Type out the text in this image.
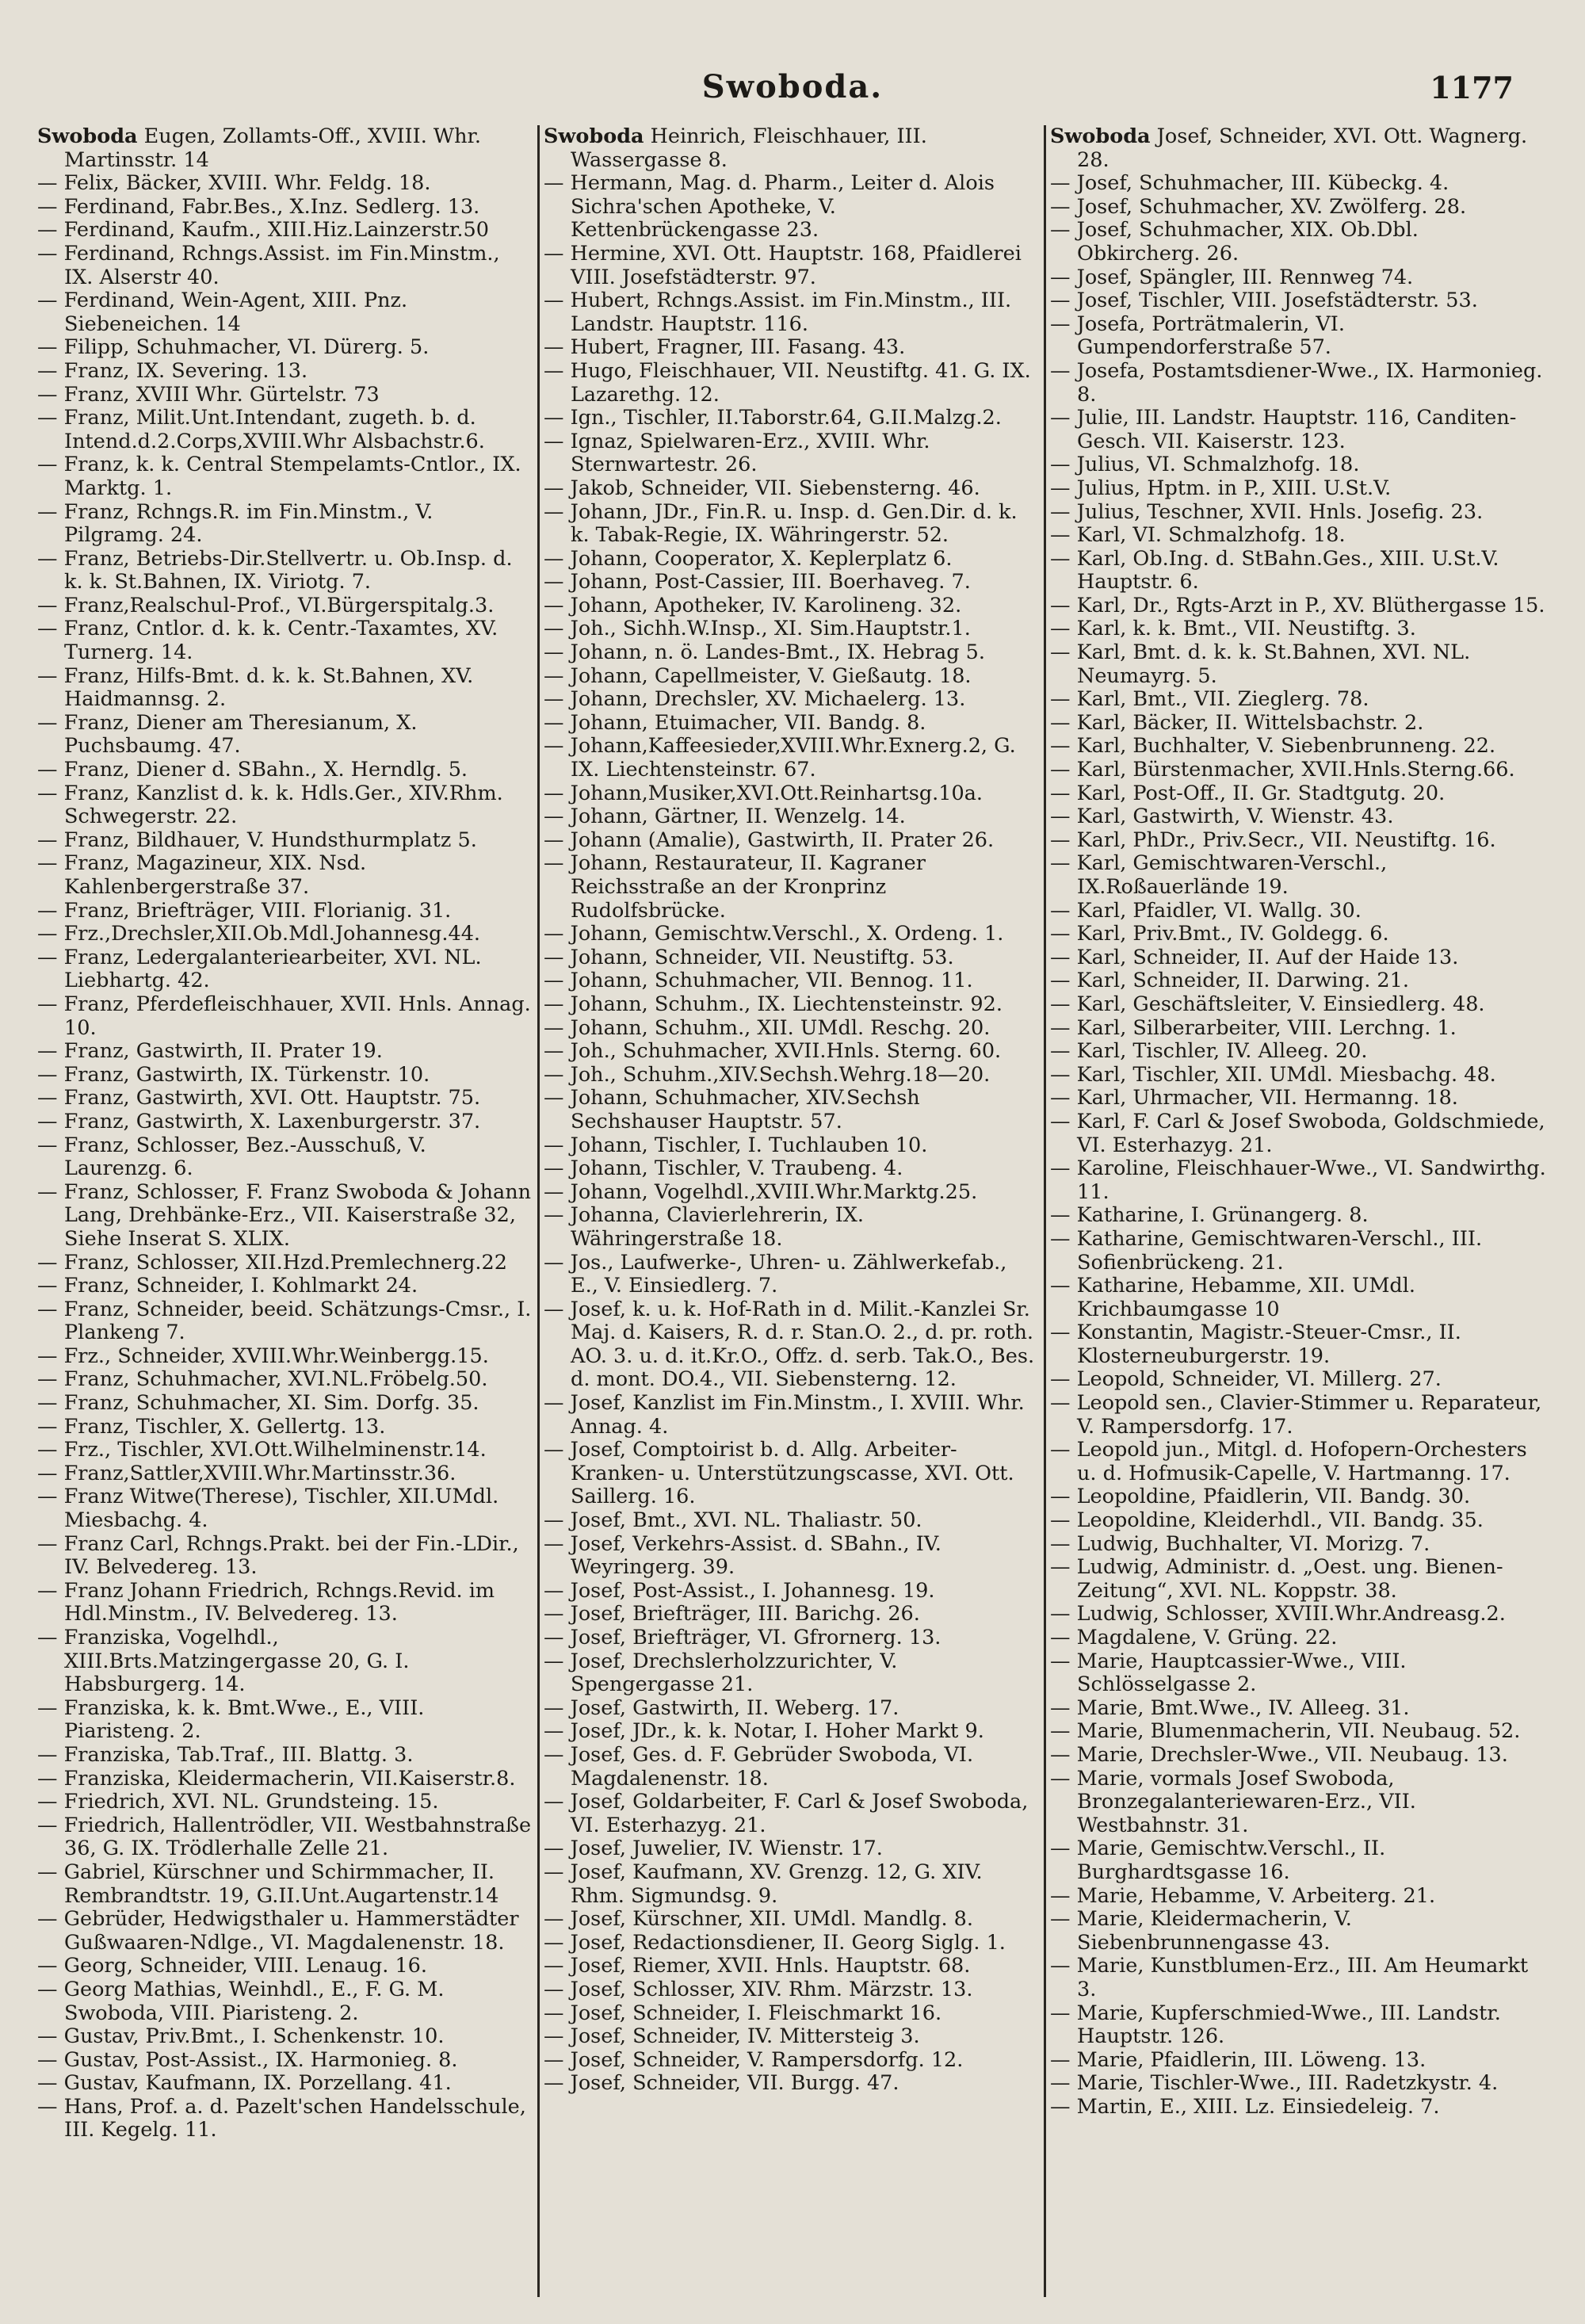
Swoboda.	1177

Swoboda Eugen, Zollamts-Off., XVIII. Whr. Martinsstr. 14

— Felix, Bäcker, XVIII. Whr. Feldg. 18.

— Ferdinand, Fabr.Bes., X.Inz. Sedlerg. 13.

— Ferdinand, Kaufm., XIII.Hiz.Lainzerstr.50

— Ferdinand, Rchngs.Assist. im Fin.Minstm., IX. Alserstr 40.

— Ferdinand, Wein-Agent, XIII. Pnz. Siebeneichen. 14

— Filipp, Schuhmacher, VI. Dürerg. 5.

— Franz, IX. Severing. 13.

— Franz, XVIII Whr. Gürtelstr. 73

— Franz, Milit.Unt.Intendant, zugeth. b. d. Intend.d.2.Corps,XVIII.Whr Alsbachstr.6.

— Franz, k. k. Central Stempelamts-Cntlor., IX. Marktg. 1.

— Franz, Rchngs.R. im Fin.Minstm., V. Pilgramg. 24.

— Franz, Betriebs-Dir.Stellvertr. u. Ob.Insp. d. k. k. St.Bahnen, IX. Viriotg. 7.

— Franz,Realschul-Prof., VI.Bürgerspitalg.3.

— Franz, Cntlor. d. k. k. Centr.-Taxamtes, XV. Turnerg. 14.

— Franz, Hilfs-Bmt. d. k. k. St.Bahnen, XV. Haidmannsg. 2.

— Franz, Diener am Theresianum, X. Puchsbaumg. 47.

— Franz, Diener d. SBahn., X. Herndlg. 5.

— Franz, Kanzlist d. k. k. Hdls.Ger., XIV.Rhm. Schwegerstr. 22.

— Franz, Bildhauer, V. Hundsthurmplatz 5.

— Franz, Magazineur, XIX. Nsd. Kahlenbergerstraße 37.

— Franz, Briefträger, VIII. Florianig. 31.

— Frz.,Drechsler,XII.Ob.Mdl.Johannesg.44.

— Franz, Ledergalanteriearbeiter, XVI. NL. Liebhartg. 42.

— Franz, Pferdefleischhauer, XVII. Hnls. Annag. 10.

— Franz, Gastwirth, II. Prater 19.

— Franz, Gastwirth, IX. Türkenstr. 10.

— Franz, Gastwirth, XVI. Ott. Hauptstr. 75.

— Franz, Gastwirth, X. Laxenburgerstr. 37.

— Franz, Schlosser, Bez.-Ausschuß, V. Laurenzg. 6.

— Franz, Schlosser, F. Franz Swoboda & Johann Lang, Drehbänke-Erz., VII. Kaiserstraße 32, Siehe Inserat S. XLIX.

— Franz, Schlosser, XII.Hzd.Premlechnerg.22

— Franz, Schneider, I. Kohlmarkt 24.

— Franz, Schneider, beeid. Schätzungs-Cmsr., I. Plankeng 7.

— Frz., Schneider, XVIII.Whr.Weinbergg.15.

— Franz, Schuhmacher, XVI.NL.Fröbelg.50.

— Franz, Schuhmacher, XI. Sim. Dorfg. 35.

— Franz, Tischler, X. Gellertg. 13.

— Frz., Tischler, XVI.Ott.Wilhelminenstr.14.

— Franz,Sattler,XVIII.Whr.Martinsstr.36.

— Franz Witwe(Therese), Tischler, XII.UMdl. Miesbachg. 4.

— Franz Carl, Rchngs.Prakt. bei der Fin.-LDir., IV. Belvedereg. 13.

— Franz Johann Friedrich, Rchngs.Revid. im Hdl.Minstm., IV. Belvedereg. 13.

— Franziska, Vogelhdl., XIII.Brts.Matzingergasse 20, G. I. Habsburgerg. 14.

— Franziska, k. k. Bmt.Wwe., E., VIII. Piaristeng. 2.

— Franziska, Tab.Traf., III. Blattg. 3.

— Franziska, Kleidermacherin, VII.Kaiserstr.8.

— Friedrich, XVI. NL. Grundsteing. 15.

— Friedrich, Hallentrödler, VII. Westbahnstraße 36, G. IX. Trödlerhalle Zelle 21.

— Gabriel, Kürschner und Schirmmacher, II. Rembrandtstr. 19, G.II.Unt.Augartenstr.14

— Gebrüder, Hedwigsthaler u. Hammerstädter Gußwaaren-Ndlge., VI. Magdalenenstr. 18.

— Georg, Schneider, VIII. Lenaug. 16.

— Georg Mathias, Weinhdl., E., F. G. M. Swoboda, VIII. Piaristeng. 2.

— Gustav, Priv.Bmt., I. Schenkenstr. 10.

— Gustav, Post-Assist., IX. Harmonieg. 8.

— Gustav, Kaufmann, IX. Porzellang. 41.

— Hans, Prof. a. d. Pazelt'schen Handelsschule, III. Kegelg. 11.

Swoboda Heinrich, Fleischhauer, III. Wassergasse 8.

— Hermann, Mag. d. Pharm., Leiter d. Alois Sichra'schen Apotheke, V. Kettenbrückengasse 23.

— Hermine, XVI. Ott. Hauptstr. 168, Pfaidlerei VIII. Josefstädterstr. 97.

— Hubert, Rchngs.Assist. im Fin.Minstm., III. Landstr. Hauptstr. 116.

— Hubert, Fragner, III. Fasang. 43.

— Hugo, Fleischhauer, VII. Neustiftg. 41. G. IX. Lazarethg. 12.

— Ign., Tischler, II.Taborstr.64, G.II.Malzg.2.

— Ignaz, Spielwaren-Erz., XVIII. Whr. Sternwartestr. 26.

— Jakob, Schneider, VII. Siebensterng. 46.

— Johann, JDr., Fin.R. u. Insp. d. Gen.Dir. d. k. k. Tabak-Regie, IX. Währingerstr. 52.

— Johann, Cooperator, X. Keplerplatz 6.

— Johann, Post-Cassier, III. Boerhaveg. 7.

— Johann, Apotheker, IV. Karolineng. 32.

— Joh., Sichh.W.Insp., XI. Sim.Hauptstr.1.

— Johann, n. ö. Landes-Bmt., IX. Hebrag 5.

— Johann, Capellmeister, V. Gießautg. 18.

— Johann, Drechsler, XV. Michaelerg. 13.

— Johann, Etuimacher, VII. Bandg. 8.

— Johann,Kaffeesieder,XVIII.Whr.Exnerg.2, G. IX. Liechtensteinstr. 67.

— Johann,Musiker,XVI.Ott.Reinhartsg.10a.

— Johann, Gärtner, II. Wenzelg. 14.

— Johann (Amalie), Gastwirth, II. Prater 26.

— Johann, Restaurateur, II. Kagraner Reichsstraße an der Kronprinz Rudolfsbrücke.

— Johann, Gemischtw.Verschl., X. Ordeng. 1.

— Johann, Schneider, VII. Neustiftg. 53.

— Johann, Schuhmacher, VII. Bennog. 11.

— Johann, Schuhm., IX. Liechtensteinstr. 92.

— Johann, Schuhm., XII. UMdl. Reschg. 20.

— Joh., Schuhmacher, XVII.Hnls. Sterng. 60.

— Joh., Schuhm.,XIV.Sechsh.Wehrg.18—20.

— Johann, Schuhmacher, XIV.Sechsh Sechshauser Hauptstr. 57.

— Johann, Tischler, I. Tuchlauben 10.

— Johann, Tischler, V. Traubeng. 4.

— Johann, Vogelhdl.,XVIII.Whr.Marktg.25.

— Johanna, Clavierlehrerin, IX. Währingerstraße 18.

— Jos., Laufwerke-, Uhren- u. Zählwerkefab., E., V. Einsiedlerg. 7.

— Josef, k. u. k. Hof-Rath in d. Milit.-Kanzlei Sr. Maj. d. Kaisers, R. d. r. Stan.O. 2., d. pr. roth. AO. 3. u. d. it.Kr.O., Offz. d. serb. Tak.O., Bes. d. mont. DO.4., VII. Siebensterng. 12.

— Josef, Kanzlist im Fin.Minstm., I. XVIII. Whr. Annag. 4.

— Josef, Comptoirist b. d. Allg. Arbeiter-Kranken- u. Unterstützungscasse, XVI. Ott. Saillerg. 16.

— Josef, Bmt., XVI. NL. Thaliastr. 50.

— Josef, Verkehrs-Assist. d. SBahn., IV. Weyringerg. 39.

— Josef, Post-Assist., I. Johannesg. 19.

— Josef, Briefträger, III. Barichg. 26.

— Josef, Briefträger, VI. Gfrornerg. 13.

— Josef, Drechslerholzzurichter, V. Spengergasse 21.

— Josef, Gastwirth, II. Weberg. 17.

— Josef, JDr., k. k. Notar, I. Hoher Markt 9.

— Josef, Ges. d. F. Gebrüder Swoboda, VI. Magdalenenstr. 18.

— Josef, Goldarbeiter, F. Carl & Josef Swoboda, VI. Esterhazyg. 21.

— Josef, Juwelier, IV. Wienstr. 17.

— Josef, Kaufmann, XV. Grenzg. 12, G. XIV. Rhm. Sigmundsg. 9.

— Josef, Kürschner, XII. UMdl. Mandlg. 8.

— Josef, Redactionsdiener, II. Georg Siglg. 1.

— Josef, Riemer, XVII. Hnls. Hauptstr. 68.

— Josef, Schlosser, XIV. Rhm. Märzstr. 13.

— Josef, Schneider, I. Fleischmarkt 16.

— Josef, Schneider, IV. Mittersteig 3.

— Josef, Schneider, V. Rampersdorfg. 12.

— Josef, Schneider, VII. Burgg. 47.

Swoboda Josef, Schneider, XVI. Ott. Wagnerg. 28.

— Josef, Schuhmacher, III. Kübeckg. 4.

— Josef, Schuhmacher, XV. Zwölferg. 28.

— Josef, Schuhmacher, XIX. Ob.Dbl. Obkircherg. 26.

— Josef, Spängler, III. Rennweg 74.

— Josef, Tischler, VIII. Josefstädterstr. 53.

— Josefa, Porträtmalerin, VI. Gumpendorferstraße 57.

— Josefa, Postamtsdiener-Wwe., IX. Harmonieg. 8.

— Julie, III. Landstr. Hauptstr. 116, Canditen-Gesch. VII. Kaiserstr. 123.

— Julius, VI. Schmalzhofg. 18.

— Julius, Hptm. in P., XIII. U.St.V.

— Julius, Teschner, XVII. Hnls. Josefig. 23.

— Karl, VI. Schmalzhofg. 18.

— Karl, Ob.Ing. d. StBahn.Ges., XIII. U.St.V. Hauptstr. 6.

— Karl, Dr., Rgts-Arzt in P., XV. Blüthergasse 15.

— Karl, k. k. Bmt., VII. Neustiftg. 3.

— Karl, Bmt. d. k. k. St.Bahnen, XVI. NL. Neumayrg. 5.

— Karl, Bmt., VII. Zieglerg. 78.

— Karl, Bäcker, II. Wittelsbachstr. 2.

— Karl, Buchhalter, V. Siebenbrunneng. 22.

— Karl, Bürstenmacher, XVII.Hnls.Sterng.66.

— Karl, Post-Off., II. Gr. Stadtgutg. 20.

— Karl, Gastwirth, V. Wienstr. 43.

— Karl, PhDr., Priv.Secr., VII. Neustiftg. 16.

— Karl, Gemischtwaren-Verschl., IX.Roßauerlände 19.

— Karl, Pfaidler, VI. Wallg. 30.

— Karl, Priv.Bmt., IV. Goldegg. 6.

— Karl, Schneider, II. Auf der Haide 13.

— Karl, Schneider, II. Darwing. 21.

— Karl, Geschäftsleiter, V. Einsiedlerg. 48.

— Karl, Silberarbeiter, VIII. Lerchng. 1.

— Karl, Tischler, IV. Alleeg. 20.

— Karl, Tischler, XII. UMdl. Miesbachg. 48.

— Karl, Uhrmacher, VII. Hermanng. 18.

— Karl, F. Carl & Josef Swoboda, Goldschmiede, VI. Esterhazyg. 21.

— Karoline, Fleischhauer-Wwe., VI. Sandwirthg. 11.

— Katharine, I. Grünangerg. 8.

— Katharine, Gemischtwaren-Verschl., III. Sofienbrückeng. 21.

— Katharine, Hebamme, XII. UMdl. Krichbaumgasse 10

— Konstantin, Magistr.-Steuer-Cmsr., II. Klosterneuburgerstr. 19.

— Leopold, Schneider, VI. Millerg. 27.

— Leopold sen., Clavier-Stimmer u. Reparateur, V. Rampersdorfg. 17.

— Leopold jun., Mitgl. d. Hofopern-Orchesters u. d. Hofmusik-Capelle, V. Hartmanng. 17.

— Leopoldine, Pfaidlerin, VII. Bandg. 30.

— Leopoldine, Kleiderhdl., VII. Bandg. 35.

— Ludwig, Buchhalter, VI. Morizg. 7.

— Ludwig, Administr. d. „Oest. ung. Bienen-Zeitung“, XVI. NL. Koppstr. 38.

— Ludwig, Schlosser, XVIII.Whr.Andreasg.2.

— Magdalene, V. Grüng. 22.

— Marie, Hauptcassier-Wwe., VIII. Schlösselgasse 2.

— Marie, Bmt.Wwe., IV. Alleeg. 31.

— Marie, Blumenmacherin, VII. Neubaug. 52.

— Marie, Drechsler-Wwe., VII. Neubaug. 13.

— Marie, vormals Josef Swoboda, Bronzegalanteriewaren-Erz., VII. Westbahnstr. 31.

— Marie, Gemischtw.Verschl., II. Burghardtsgasse 16.

— Marie, Hebamme, V. Arbeiterg. 21.

— Marie, Kleidermacherin, V. Siebenbrunnengasse 43.

— Marie, Kunstblumen-Erz., III. Am Heumarkt 3.

— Marie, Kupferschmied-Wwe., III. Landstr. Hauptstr. 126.

— Marie, Pfaidlerin, III. Löweng. 13.

— Marie, Tischler-Wwe., III. Radetzkystr. 4.

— Martin, E., XIII. Lz. Einsiedeleig. 7.
